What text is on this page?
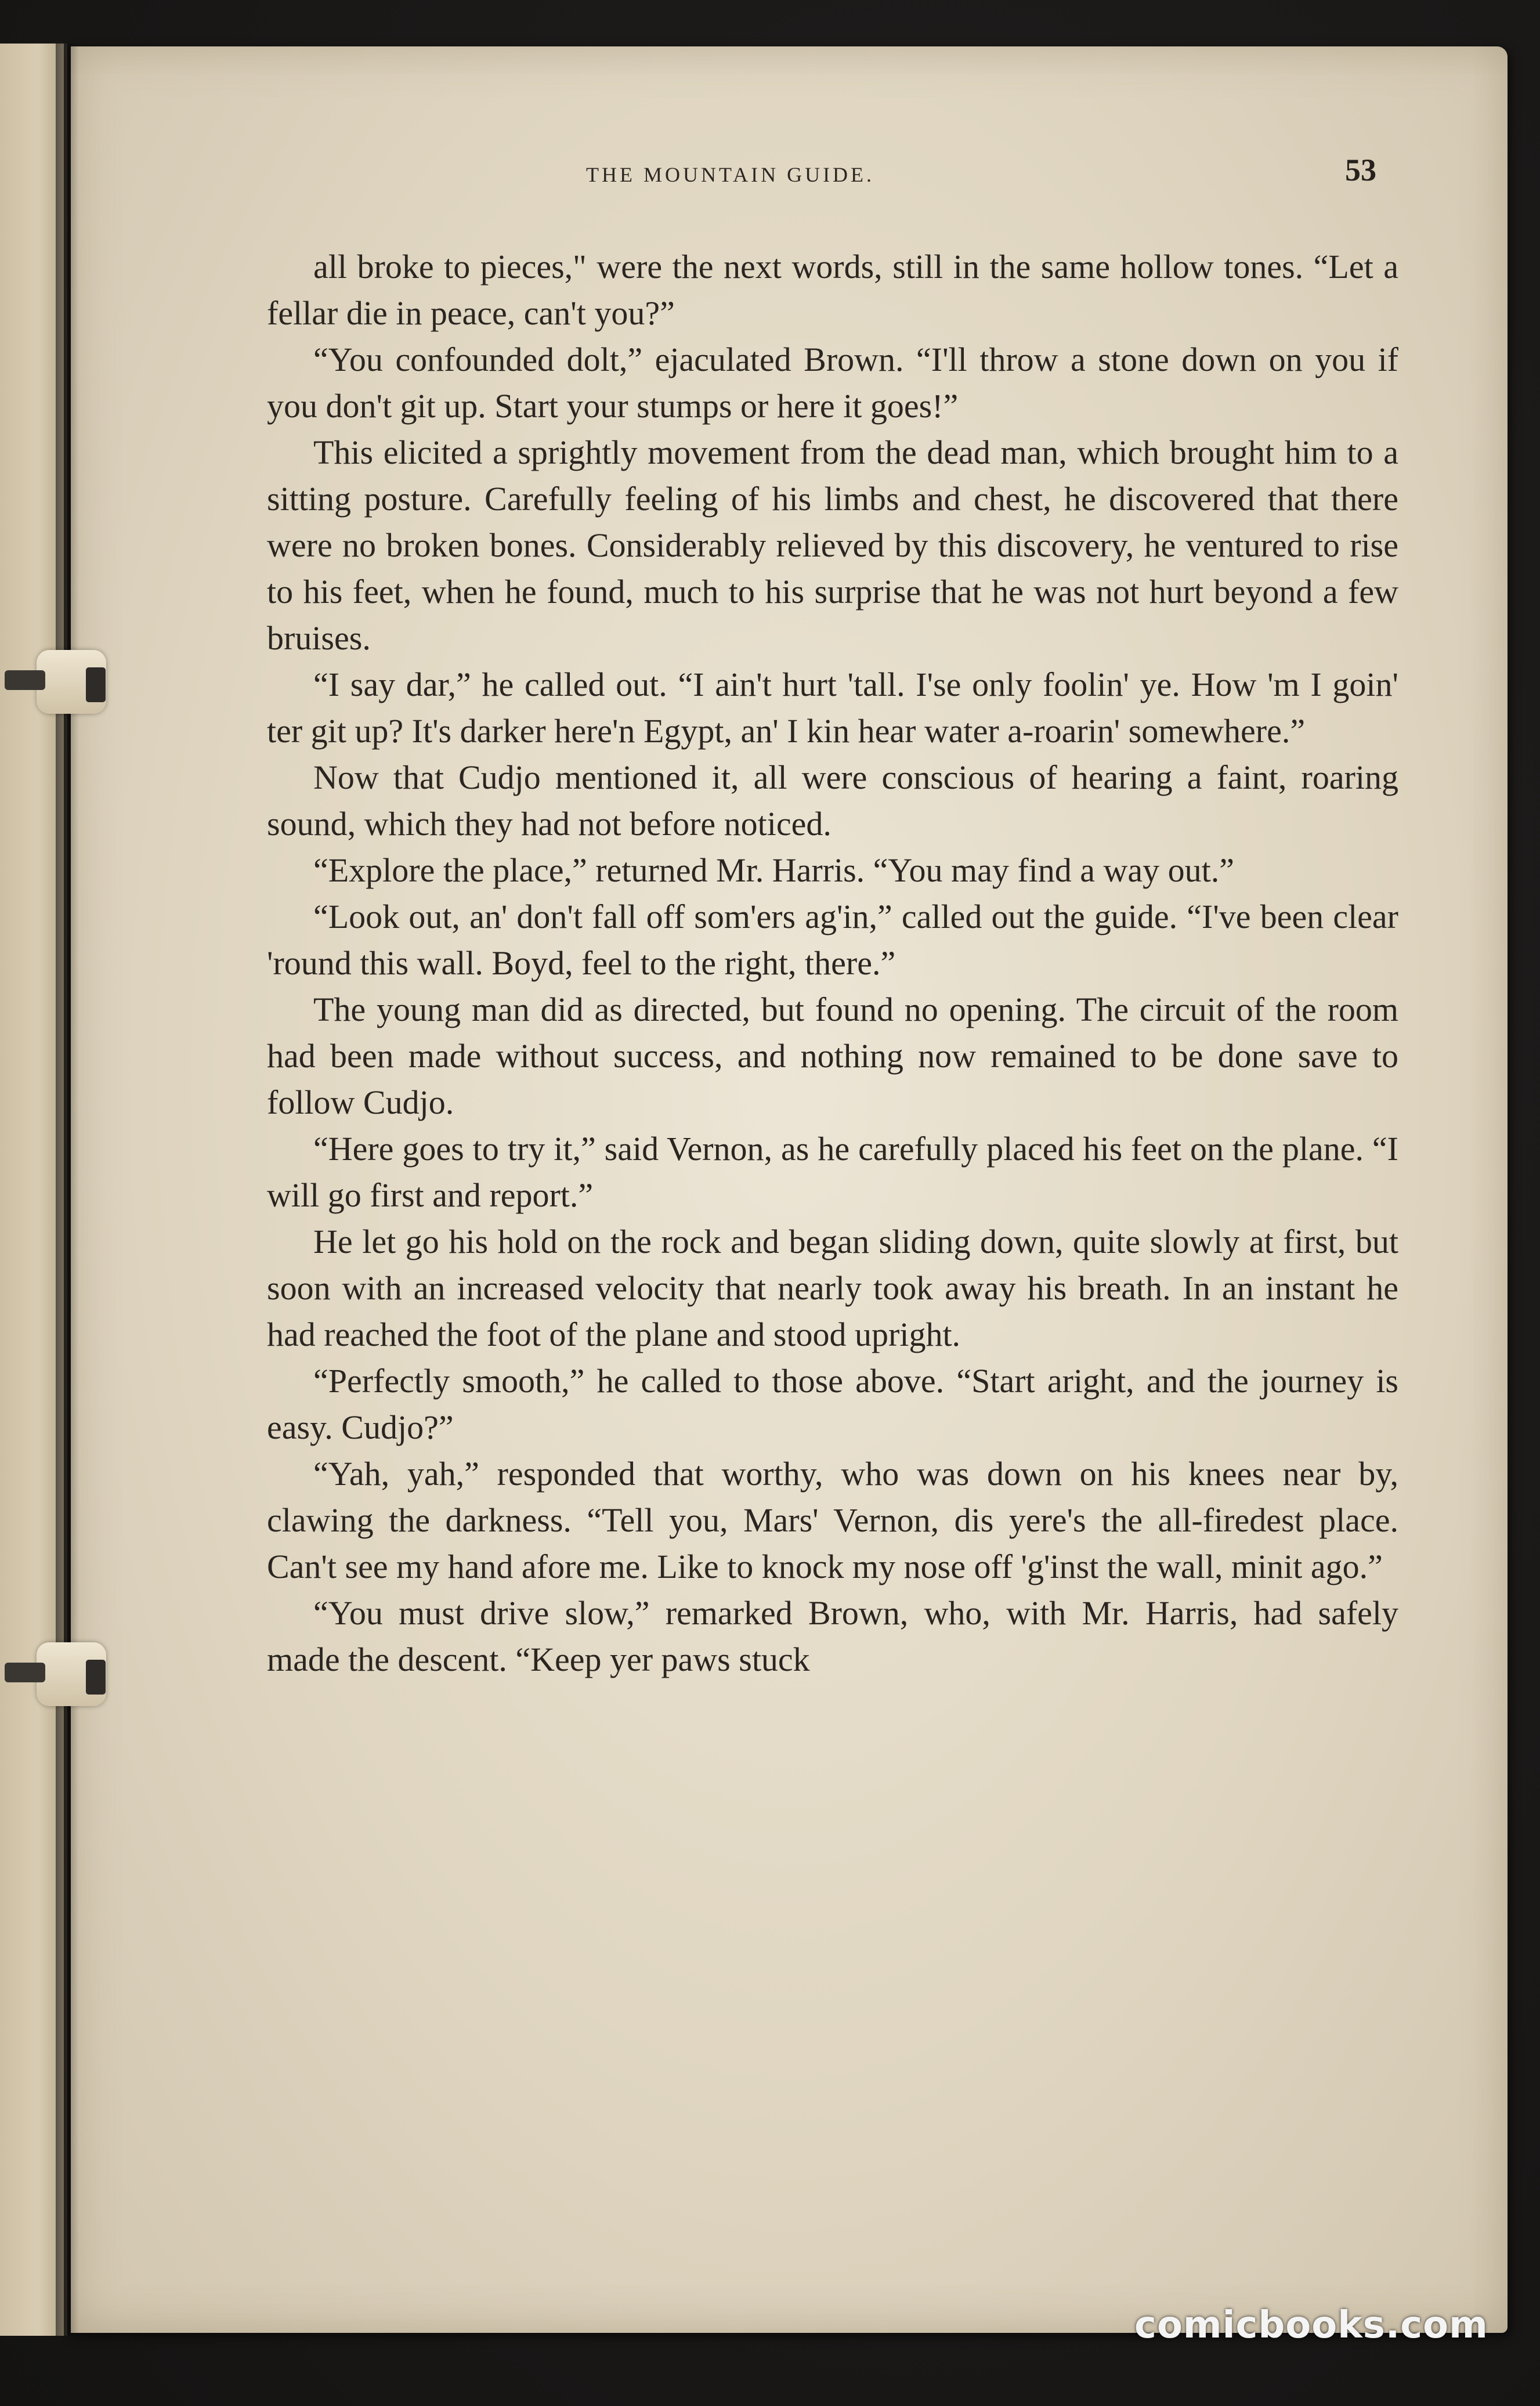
THE MOUNTAIN GUIDE.	53

all broke to pieces," were the next words, still in the same hollow tones. “Let a fellar die in peace, can't you?”

“You confounded dolt,” ejaculated Brown. “I'll throw a stone down on you if you don't git up. Start your stumps or here it goes!”

This elicited a sprightly movement from the dead man, which brought him to a sitting posture. Carefully feeling of his limbs and chest, he discovered that there were no broken bones. Considerably relieved by this discovery, he ventured to rise to his feet, when he found, much to his surprise that he was not hurt beyond a few bruises.

“I say dar,” he called out. “I ain't hurt 'tall. I'se only foolin' ye. How 'm I goin' ter git up? It's darker here'n Egypt, an' I kin hear water a-roarin' somewhere.”

Now that Cudjo mentioned it, all were conscious of hearing a faint, roaring sound, which they had not before noticed.

“Explore the place,” returned Mr. Harris. “You may find a way out.”

“Look out, an' don't fall off som'ers ag'in,” called out the guide. “I've been clear 'round this wall. Boyd, feel to the right, there.”

The young man did as directed, but found no opening. The circuit of the room had been made without success, and nothing now remained to be done save to follow Cudjo.

“Here goes to try it,” said Vernon, as he carefully placed his feet on the plane. “I will go first and report.”

He let go his hold on the rock and began sliding down, quite slowly at first, but soon with an increased velocity that nearly took away his breath. In an instant he had reached the foot of the plane and stood upright.

“Perfectly smooth,” he called to those above. “Start aright, and the journey is easy. Cudjo?”

“Yah, yah,” responded that worthy, who was down on his knees near by, clawing the darkness. “Tell you, Mars' Vernon, dis yere's the all-firedest place. Can't see my hand afore me. Like to knock my nose off 'g'inst the wall, minit ago.”

“You must drive slow,” remarked Brown, who, with Mr. Harris, had safely made the descent. “Keep yer paws stuck

comicbooks.com
